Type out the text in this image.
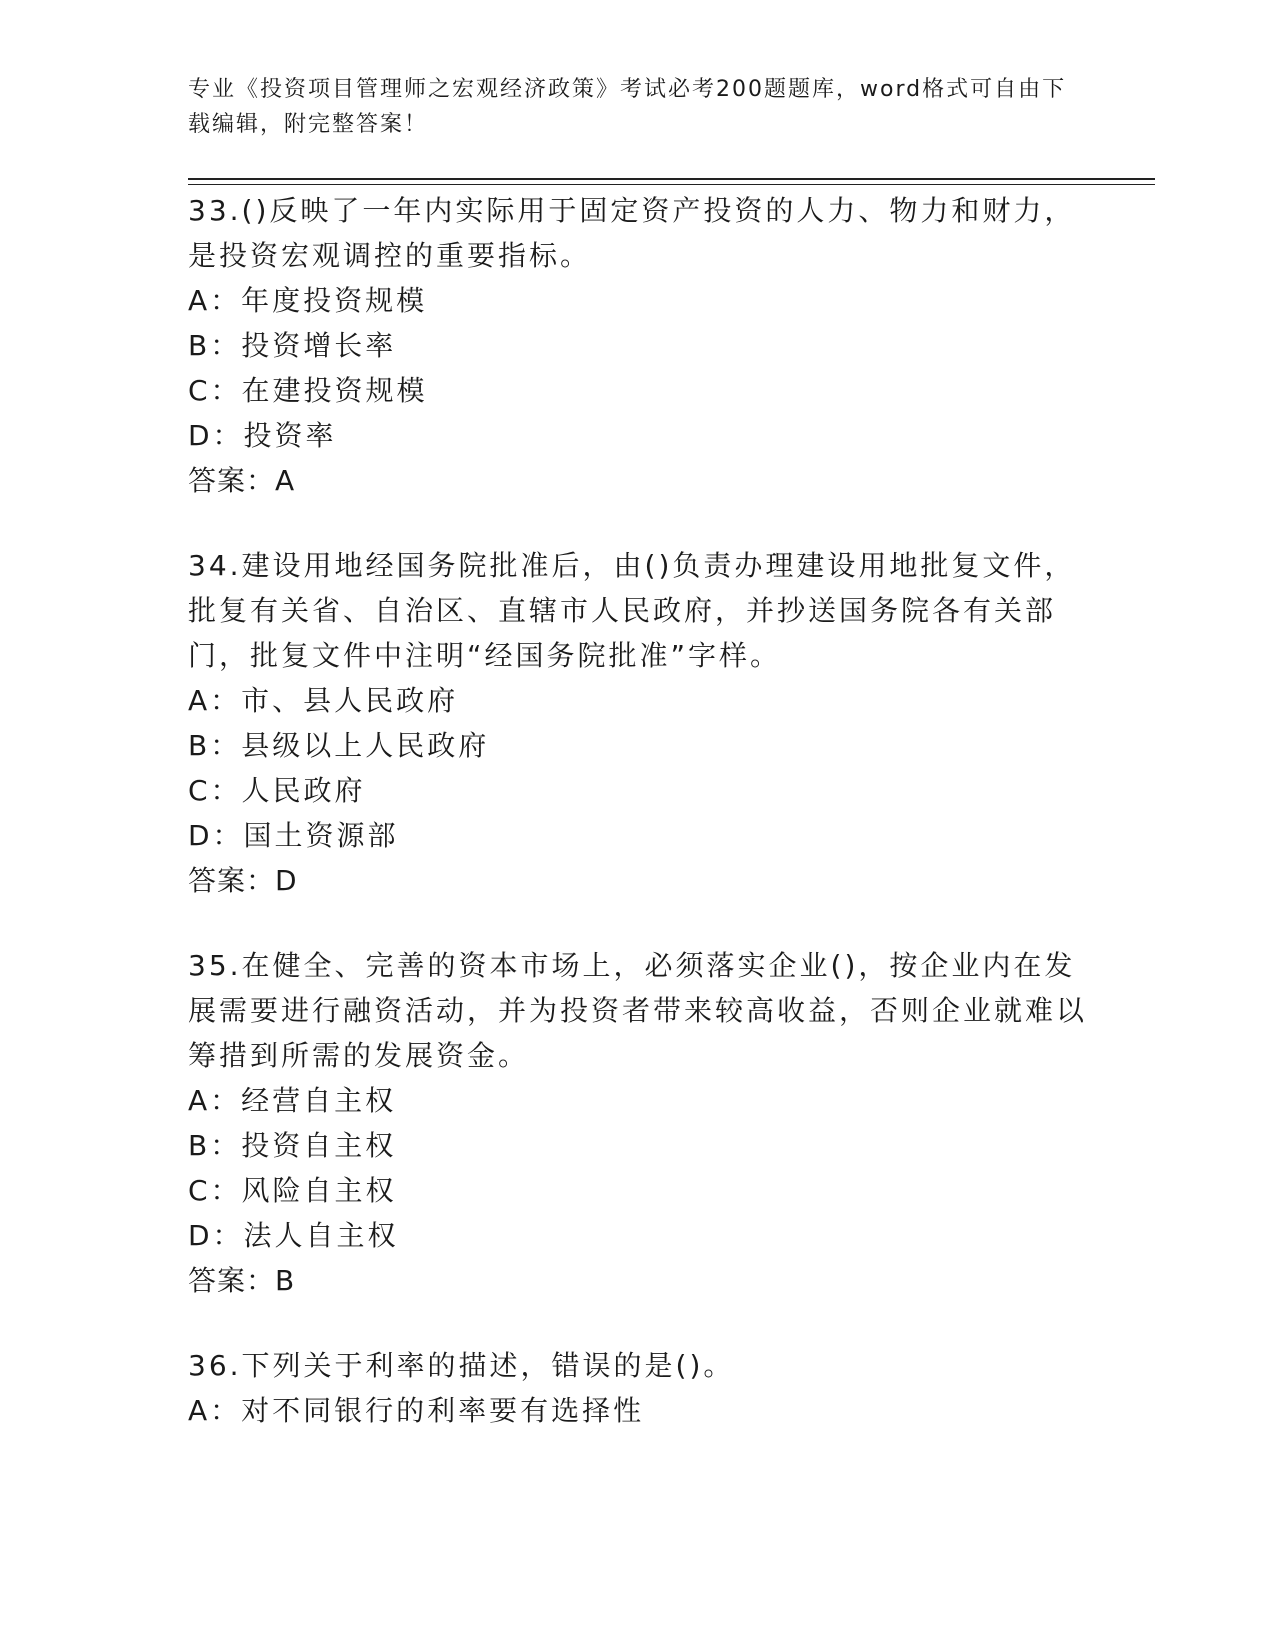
专业《投资项目管理师之宏观经济政策》考试必考200题题库，word格式可自由下载编辑，附完整答案！

33.()反映了一年内实际用于固定资产投资的人力、物力和财力，是投资宏观调控的重要指标。

A：年度投资规模

B：投资增长率

C：在建投资规模

D：投资率

答案：A

34.建设用地经国务院批准后，由()负责办理建设用地批复文件，批复有关省、自治区、直辖市人民政府，并抄送国务院各有关部门，批复文件中注明“经国务院批准”字样。

A：市、县人民政府

B：县级以上人民政府

C：人民政府

D：国土资源部

答案：D

35.在健全、完善的资本市场上，必须落实企业()，按企业内在发展需要进行融资活动，并为投资者带来较高收益，否则企业就难以筹措到所需的发展资金。

A：经营自主权

B：投资自主权

C：风险自主权

D：法人自主权

答案：B

36.下列关于利率的描述，错误的是()。

A：对不同银行的利率要有选择性
